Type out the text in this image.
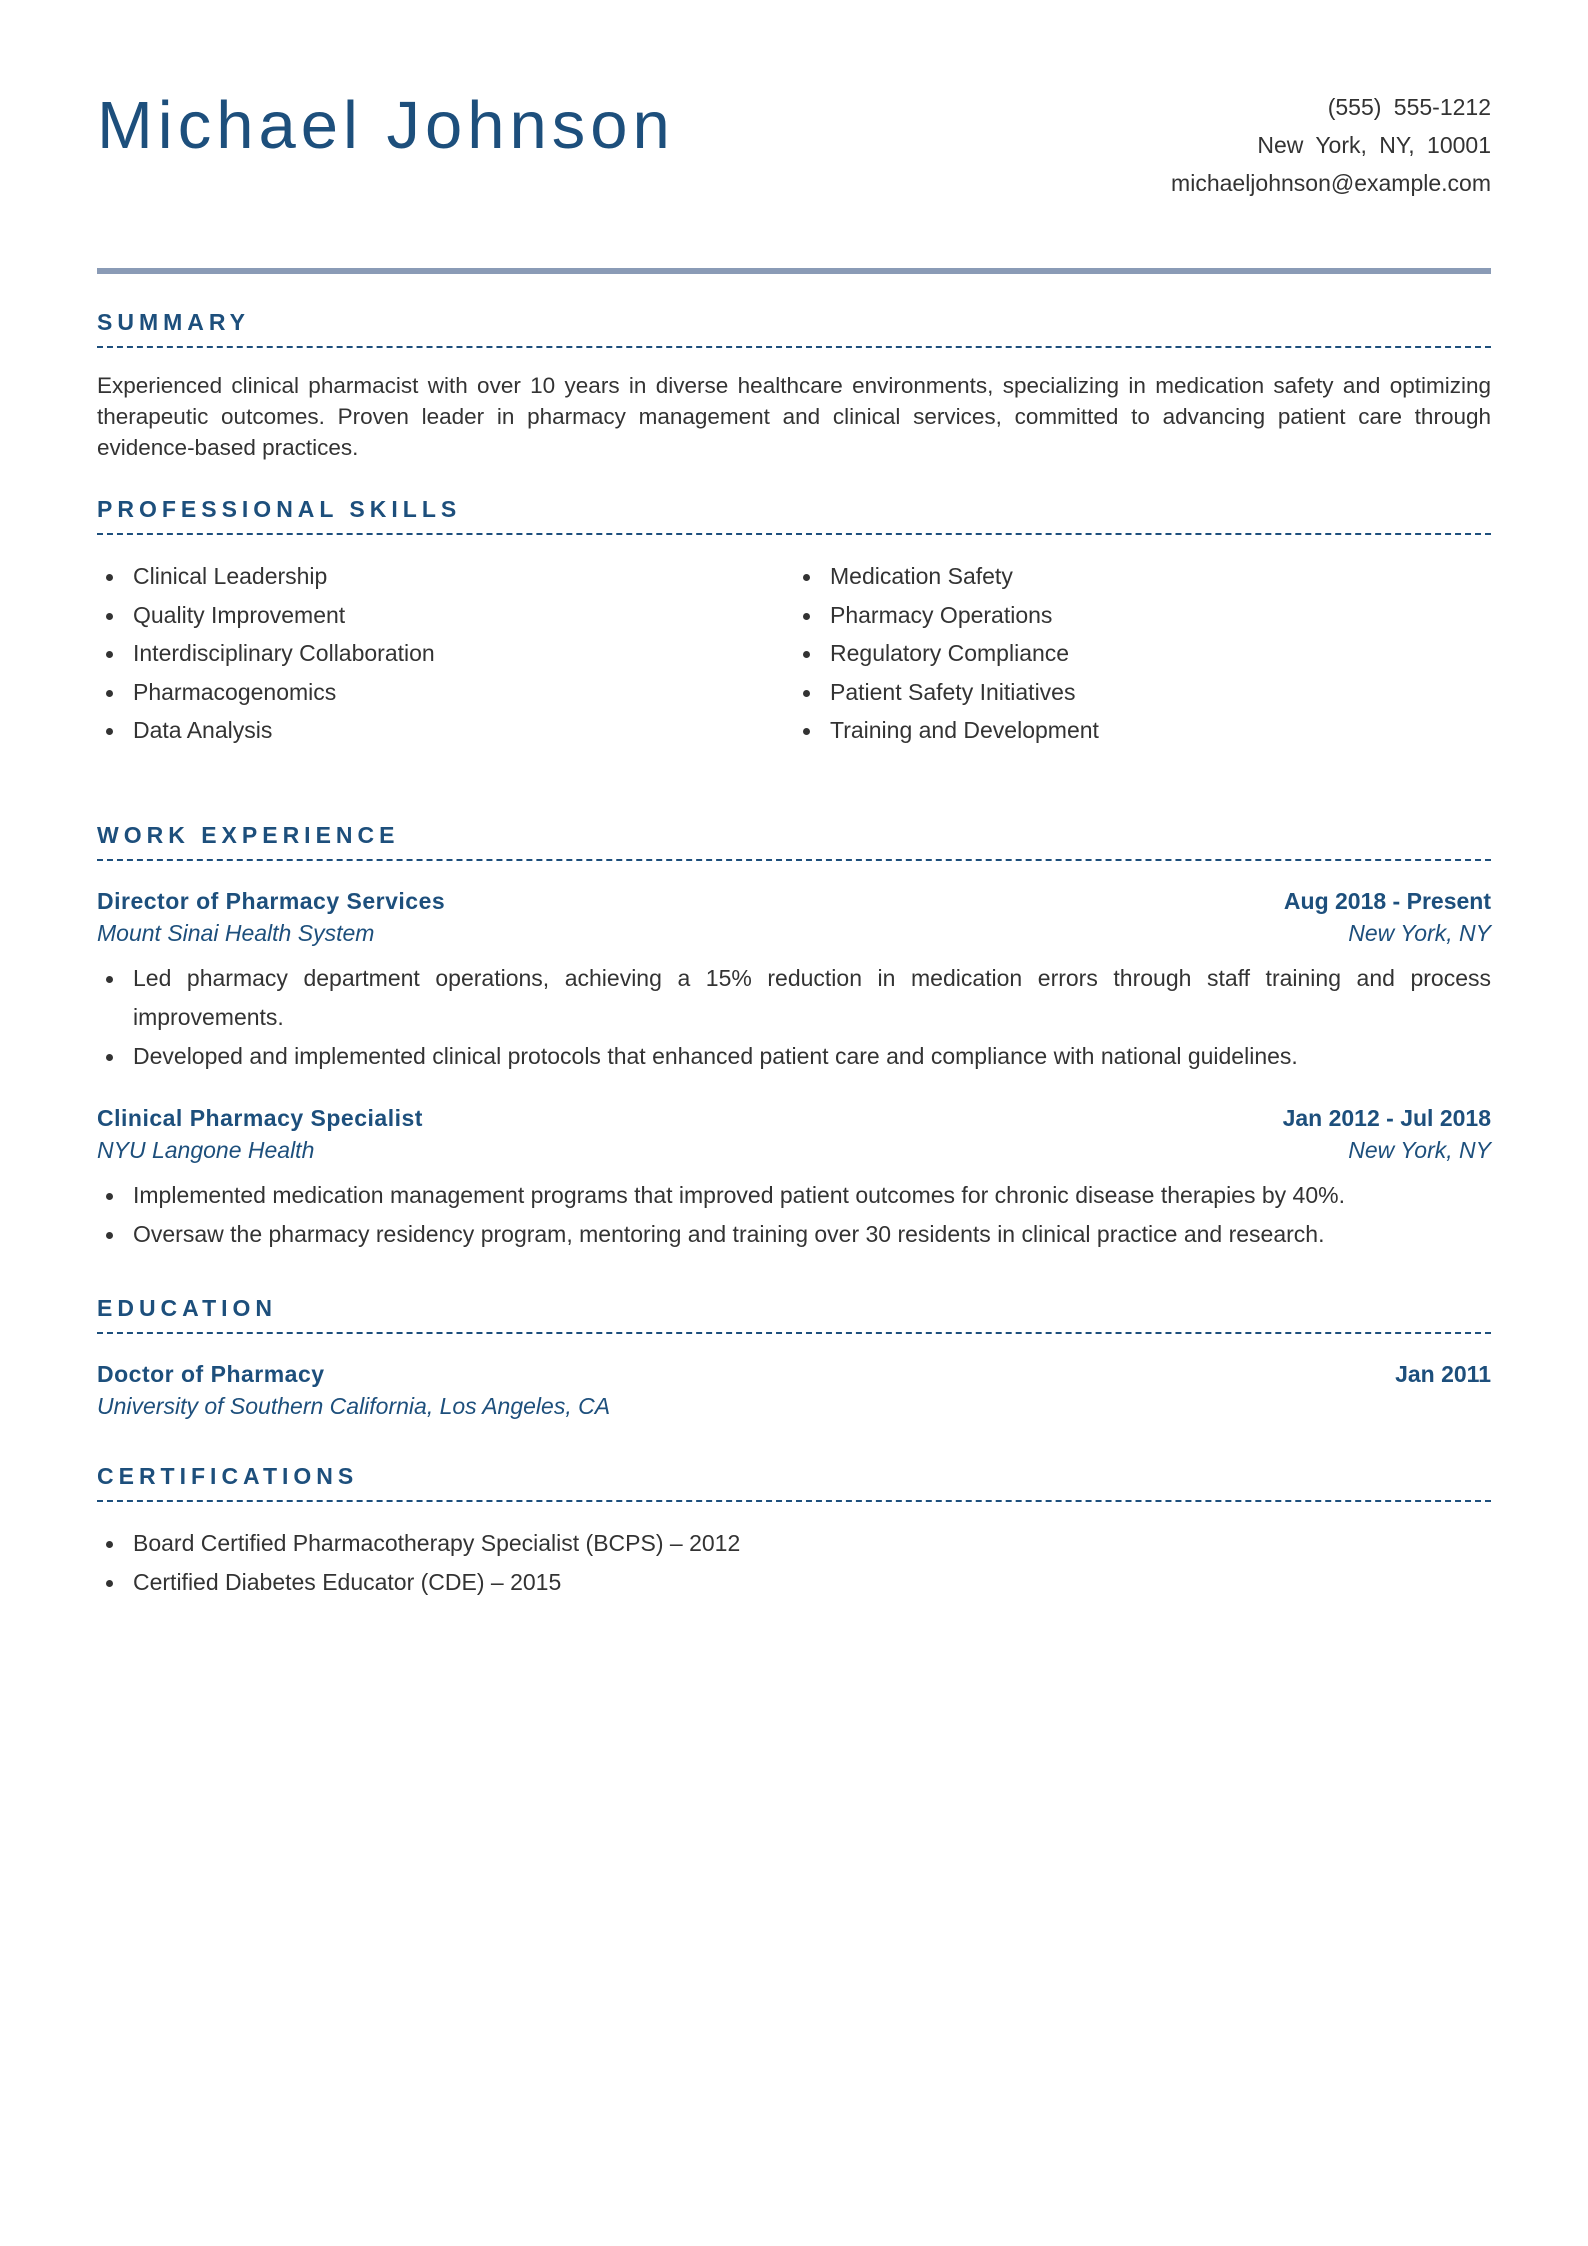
Michael Johnson	(555) 555-1212
New York, NY, 10001
michaeljohnson@example.com
SUMMARY

Experienced clinical pharmacist with over 10 years in diverse healthcare environments, specializing in medication safety and optimizing therapeutic outcomes. Proven leader in pharmacy management and clinical services, committed to advancing patient care through evidence-based practices.

PROFESSIONAL SKILLS
Clinical Leadership
Quality Improvement
Interdisciplinary Collaboration
Pharmacogenomics
Data Analysis
Medication Safety
Pharmacy Operations
Regulatory Compliance
Patient Safety Initiatives
Training and Development
WORK EXPERIENCE
Director of Pharmacy Services	Aug 2018 - Present
Mount Sinai Health System	New York, NY
Led pharmacy department operations, achieving a 15% reduction in medication errors through staff training and process improvements.
Developed and implemented clinical protocols that enhanced patient care and compliance with national guidelines.
Clinical Pharmacy Specialist	Jan 2012 - Jul 2018
NYU Langone Health	New York, NY
Implemented medication management programs that improved patient outcomes for chronic disease therapies by 40%.
Oversaw the pharmacy residency program, mentoring and training over 30 residents in clinical practice and research.
EDUCATION
Doctor of Pharmacy	Jan 2011
University of Southern California, Los Angeles, CA
CERTIFICATIONS
Board Certified Pharmacotherapy Specialist (BCPS) – 2012
Certified Diabetes Educator (CDE) – 2015
